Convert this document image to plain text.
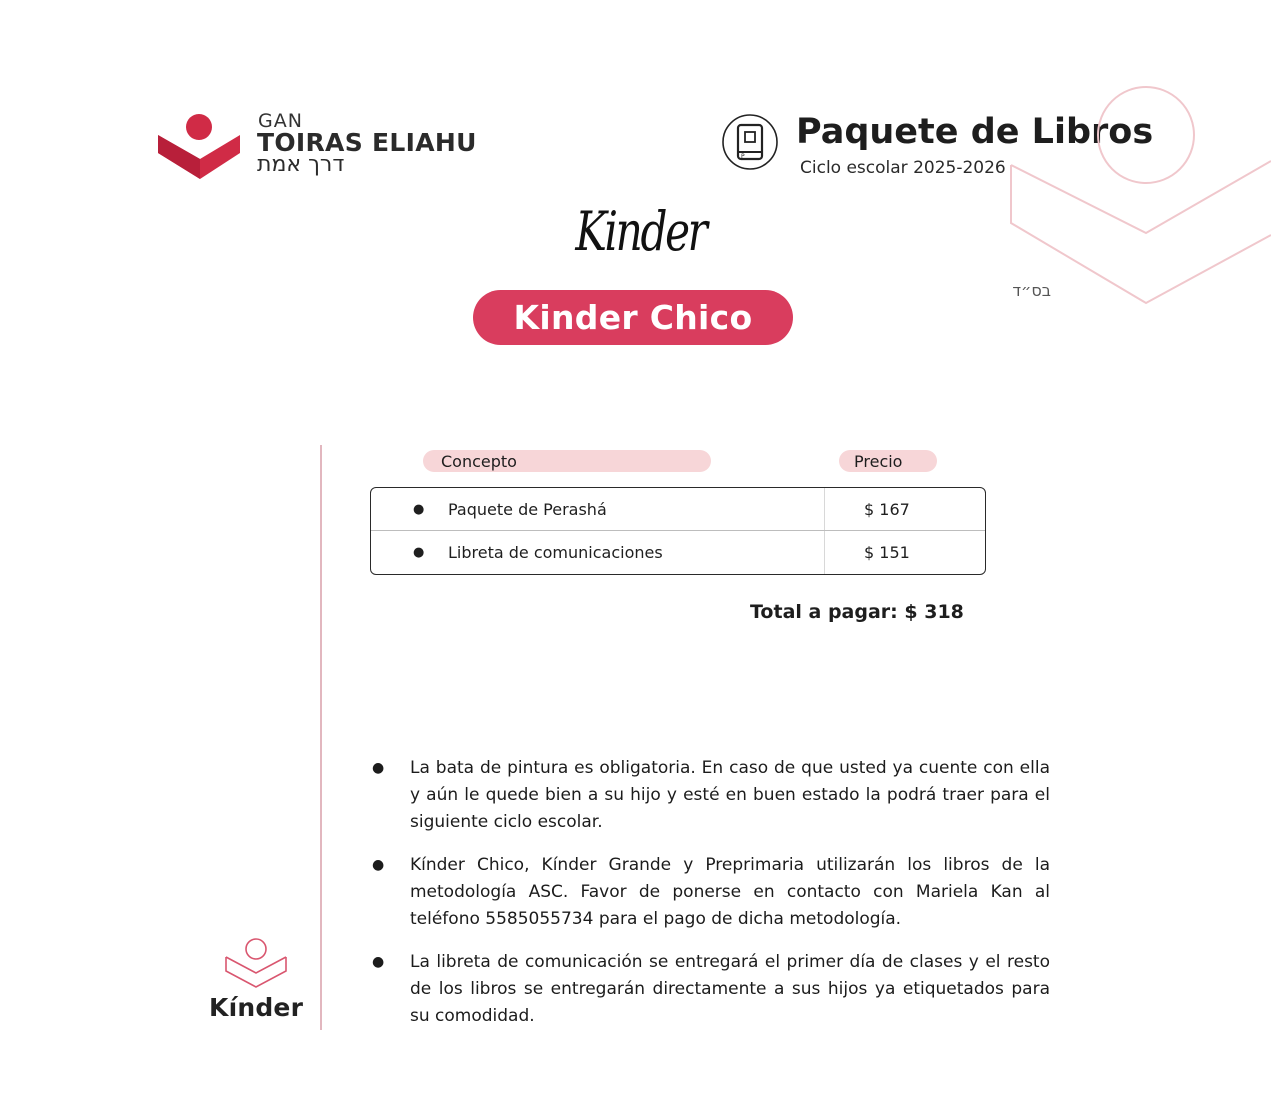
GAN
TOIRAS ELIAHU
דרך אמת	P
Paquete de Libros
Ciclo escolar 2025-2026
בס״ד
Kinder
Kinder Chico
Concepto	Precio
● Paquete de Perashá	$ 167
● Libreta de comunicaciones	$ 151
Total a pagar: $ 318

● La bata de pintura es obligatoria. En caso de que usted ya cuente con ella y aún le quede bien a su hijo y esté en buen estado la podrá traer para el siguiente ciclo escolar.

● Kínder Chico, Kínder Grande y Preprimaria utilizarán los libros de la metodología ASC. Favor de ponerse en contacto con Mariela Kan al teléfono 5585055734 para el pago de dicha metodología.

● La libreta de comunicación se entregará el primer día de clases y el resto de los libros se entregarán directamente a sus hijos ya etiquetados para su comodidad.

Kínder
